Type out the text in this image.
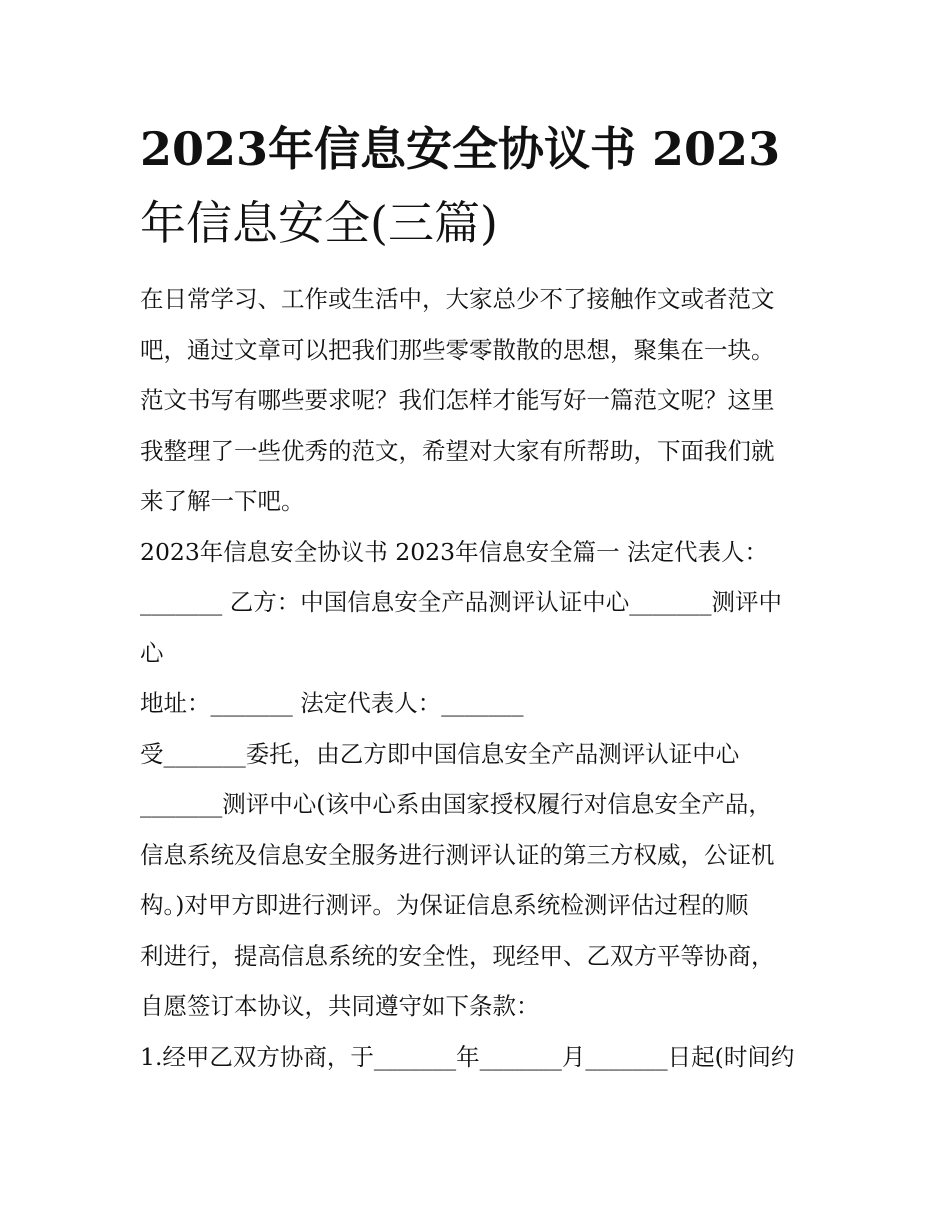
2023年信息安全协议书 2023
年信息安全(三篇)

在日常学习、工作或生活中，大家总少不了接触作文或者范文
吧，通过文章可以把我们那些零零散散的思想，聚集在一块。
范文书写有哪些要求呢？我们怎样才能写好一篇范文呢？这里
我整理了一些优秀的范文，希望对大家有所帮助，下面我们就
来了解一下吧。

2023年信息安全协议书 2023年信息安全篇一 法定代表人：
_______ 乙方：中国信息安全产品测评认证中心_______测评中
心

地址：_______ 法定代表人：_______

受_______委托，由乙方即中国信息安全产品测评认证中心
_______测评中心(该中心系由国家授权履行对信息安全产品，
信息系统及信息安全服务进行测评认证的第三方权威，公证机
构。)对甲方即进行测评。为保证信息系统检测评估过程的顺
利进行，提高信息系统的安全性，现经甲、乙双方平等协商，
自愿签订本协议，共同遵守如下条款：

1.经甲乙双方协商，于_______年_______月_______日起(时间约
